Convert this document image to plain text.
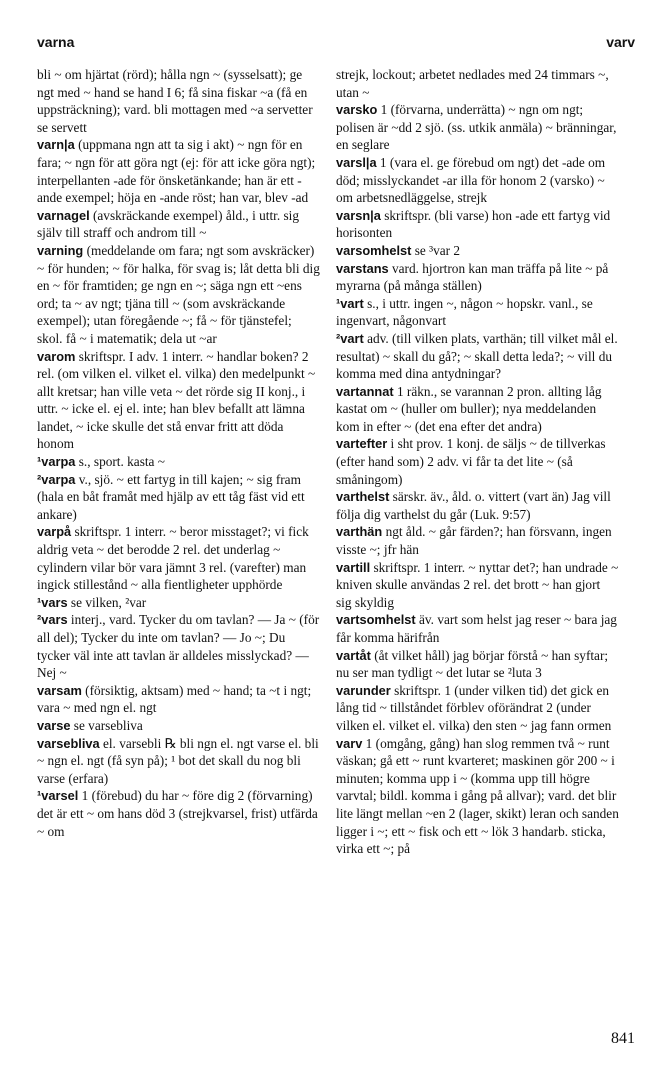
varna	varv
bli ~ om hjärtat (rörd); hålla ngn ~ (sysselsatt); ge ngt med ~ hand se hand I 6; få sina fiskar ~a (få en uppsträckning); vard. bli mottagen med ~a servetter se servett
varn|a (uppmana ngn att ta sig i akt) ~ ngn för en fara; ~ ngn för att göra ngt (ej: för att icke göra ngt); interpellanten -ade för önsketänkande; han är ett -ande exempel; höja en -ande röst; han var, blev -ad
varnagel (avskräckande exempel) åld., i uttr. sig själv till straff och androm till ~
varning (meddelande om fara; ngt som avskräcker) ~ för hunden; ~ för halka, för svag is; låt detta bli dig en ~ för framtiden; ge ngn en ~; säga ngn ett ~ens ord; ta ~ av ngt; tjäna till ~ (som avskräckande exempel); utan föregående ~; få ~ för tjänstefel; skol. få ~ i matematik; dela ut ~ar
varom skriftspr. I adv. 1 interr. ~ handlar boken? 2 rel. (om vilken el. vilket el. vilka) den medelpunkt ~ allt kretsar; han ville veta ~ det rörde sig II konj., i uttr. ~ icke el. ej el. inte; han blev befallt att lämna landet, ~ icke skulle det stå envar fritt att döda honom
¹varpa s., sport. kasta ~
²varpa v., sjö. ~ ett fartyg in till kajen; ~ sig fram (hala en båt framåt med hjälp av ett tåg fäst vid ett ankare)
varpå skriftspr. 1 interr. ~ beror misstaget?; vi fick aldrig veta ~ det berodde 2 rel. det underlag ~ cylindern vilar bör vara jämnt 3 rel. (varefter) man ingick stillestånd ~ alla fientligheter upphörde
¹vars se vilken, ²var
²vars interj., vard. Tycker du om tavlan? — Ja ~ (för all del); Tycker du inte om tavlan? — Jo ~; Du tycker väl inte att tavlan är alldeles misslyckad? — Nej ~
varsam (försiktig, aktsam) med ~ hand; ta ~t i ngt; vara ~ med ngn el. ngt
varse se varsebliva
varsebliva el. varsebli ℞ bli ngn el. ngt varse el. bli ~ ngn el. ngt (få syn på); ¹ bot det skall du nog bli varse (erfara)
¹varsel 1 (förebud) du har ~ före dig 2 (förvarning) det är ett ~ om hans död 3 (strejkvarsel, frist) utfärda ~ om
strejk, lockout; arbetet nedlades med 24 timmars ~, utan ~
varsko 1 (förvarna, underrätta) ~ ngn om ngt; polisen är ~dd 2 sjö. (ss. utkik anmäla) ~ bränningar, en seglare
varsl|a 1 (vara el. ge förebud om ngt) det -ade om död; misslyckandet -ar illa för honom 2 (varsko) ~ om arbetsnedläggelse, strejk
varsn|a skriftspr. (bli varse) hon -ade ett fartyg vid horisonten
varsomhelst se ³var 2
varstans vard. hjortron kan man träffa på lite ~ på myrarna (på många ställen)
¹vart s., i uttr. ingen ~, någon ~ hopskr. vanl., se ingenvart, någonvart
²vart adv. (till vilken plats, varthän; till vilket mål el. resultat) ~ skall du gå?; ~ skall detta leda?; ~ vill du komma med dina antydningar?
vartannat 1 räkn., se varannan 2 pron. allting låg kastat om ~ (huller om buller); nya meddelanden kom in efter ~ (det ena efter det andra)
vartefter i sht prov. 1 konj. de säljs ~ de tillverkas (efter hand som) 2 adv. vi får ta det lite ~ (så småningom)
varthelst särskr. äv., åld. o. vittert (vart än) Jag vill följa dig varthelst du går (Luk. 9:57)
varthän ngt åld. ~ går färden?; han försvann, ingen visste ~; jfr hän
vartill skriftspr. 1 interr. ~ nyttar det?; han undrade ~ kniven skulle användas 2 rel. det brott ~ han gjort sig skyldig
vartsomhelst äv. vart som helst jag reser ~ bara jag får komma härifrån
vartåt (åt vilket håll) jag börjar förstå ~ han syftar; nu ser man tydligt ~ det lutar se ²luta 3
varunder skriftspr. 1 (under vilken tid) det gick en lång tid ~ tillståndet förblev oförändrat 2 (under vilken el. vilket el. vilka) den sten ~ jag fann ormen
varv 1 (omgång, gång) han slog remmen två ~ runt väskan; gå ett ~ runt kvarteret; maskinen gör 200 ~ i minuten; komma upp i ~ (komma upp till högre varvtal; bildl. komma i gång på allvar); vard. det blir lite längt mellan ~en 2 (lager, skikt) leran och sanden ligger i ~; ett ~ fisk och ett ~ lök 3 handarb. sticka, virka ett ~; på
841
